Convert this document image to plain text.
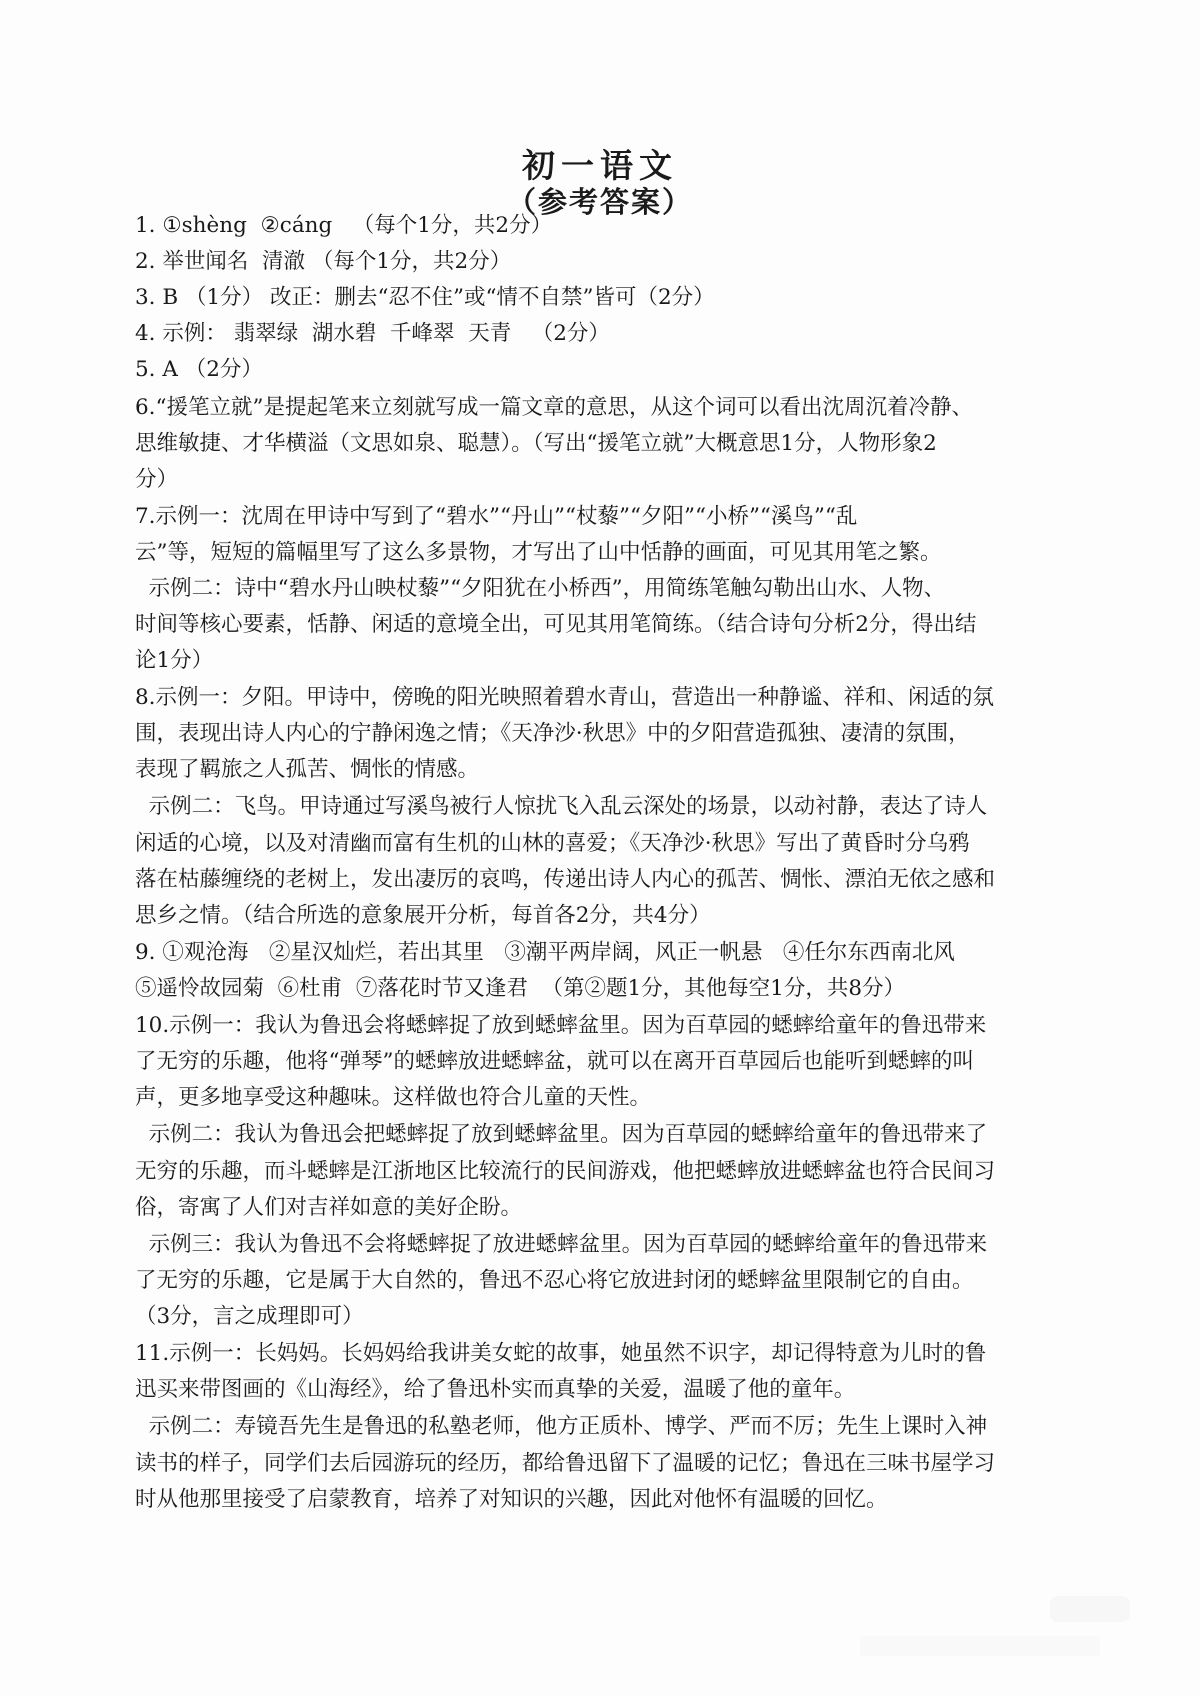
初一语文
（参考答案）
1. ①shèng  ②cáng   （每个1分，共2分）
2. 举世闻名  清澈 （每个1分，共2分）
3. B （1分） 改正：删去“忍不住”或“情不自禁”皆可（2分）
4. 示例： 翡翠绿  湖水碧  千峰翠  天青   （2分）
5. A （2分）
6.“援笔立就”是提起笔来立刻就写成一篇文章的意思，从这个词可以看出沈周沉着冷静、
思维敏捷、才华横溢（文思如泉、聪慧）。（写出“援笔立就”大概意思1分，人物形象2
分）
7.示例一：沈周在甲诗中写到了“碧水”“丹山”“杖藜”“夕阳”“小桥”“溪鸟”“乱
云”等，短短的篇幅里写了这么多景物，才写出了山中恬静的画面，可见其用笔之繁。
示例二：诗中“碧水丹山映杖藜”“夕阳犹在小桥西”，用简练笔触勾勒出山水、人物、
时间等核心要素，恬静、闲适的意境全出，可见其用笔简练。（结合诗句分析2分，得出结
论1分）
8.示例一：夕阳。甲诗中，傍晚的阳光映照着碧水青山，营造出一种静谧、祥和、闲适的氛
围，表现出诗人内心的宁静闲逸之情；《天净沙·秋思》中的夕阳营造孤独、凄清的氛围，
表现了羁旅之人孤苦、惆怅的情感。
示例二：飞鸟。甲诗通过写溪鸟被行人惊扰飞入乱云深处的场景，以动衬静，表达了诗人
闲适的心境，以及对清幽而富有生机的山林的喜爱；《天净沙·秋思》写出了黄昏时分乌鸦
落在枯藤缠绕的老树上，发出凄厉的哀鸣，传递出诗人内心的孤苦、惆怅、漂泊无依之感和
思乡之情。（结合所选的意象展开分析，每首各2分，共4分）
9. ①观沧海   ②星汉灿烂，若出其里   ③潮平两岸阔，风正一帆悬   ④任尔东西南北风
⑤遥怜故园菊  ⑥杜甫  ⑦落花时节又逢君  （第②题1分，其他每空1分，共8分）
10.示例一：我认为鲁迅会将蟋蟀捉了放到蟋蟀盆里。因为百草园的蟋蟀给童年的鲁迅带来
了无穷的乐趣，他将“弹琴”的蟋蟀放进蟋蟀盆，就可以在离开百草园后也能听到蟋蟀的叫
声，更多地享受这种趣味。这样做也符合儿童的天性。
示例二：我认为鲁迅会把蟋蟀捉了放到蟋蟀盆里。因为百草园的蟋蟀给童年的鲁迅带来了
无穷的乐趣，而斗蟋蟀是江浙地区比较流行的民间游戏，他把蟋蟀放进蟋蟀盆也符合民间习
俗，寄寓了人们对吉祥如意的美好企盼。
示例三：我认为鲁迅不会将蟋蟀捉了放进蟋蟀盆里。因为百草园的蟋蟀给童年的鲁迅带来
了无穷的乐趣，它是属于大自然的，鲁迅不忍心将它放进封闭的蟋蟀盆里限制它的自由。
（3分，言之成理即可）
11.示例一：长妈妈。长妈妈给我讲美女蛇的故事，她虽然不识字，却记得特意为儿时的鲁
迅买来带图画的《山海经》，给了鲁迅朴实而真挚的关爱，温暖了他的童年。
示例二：寿镜吾先生是鲁迅的私塾老师，他方正质朴、博学、严而不厉；先生上课时入神
读书的样子，同学们去后园游玩的经历，都给鲁迅留下了温暖的记忆；鲁迅在三味书屋学习
时从他那里接受了启蒙教育，培养了对知识的兴趣，因此对他怀有温暖的回忆。
